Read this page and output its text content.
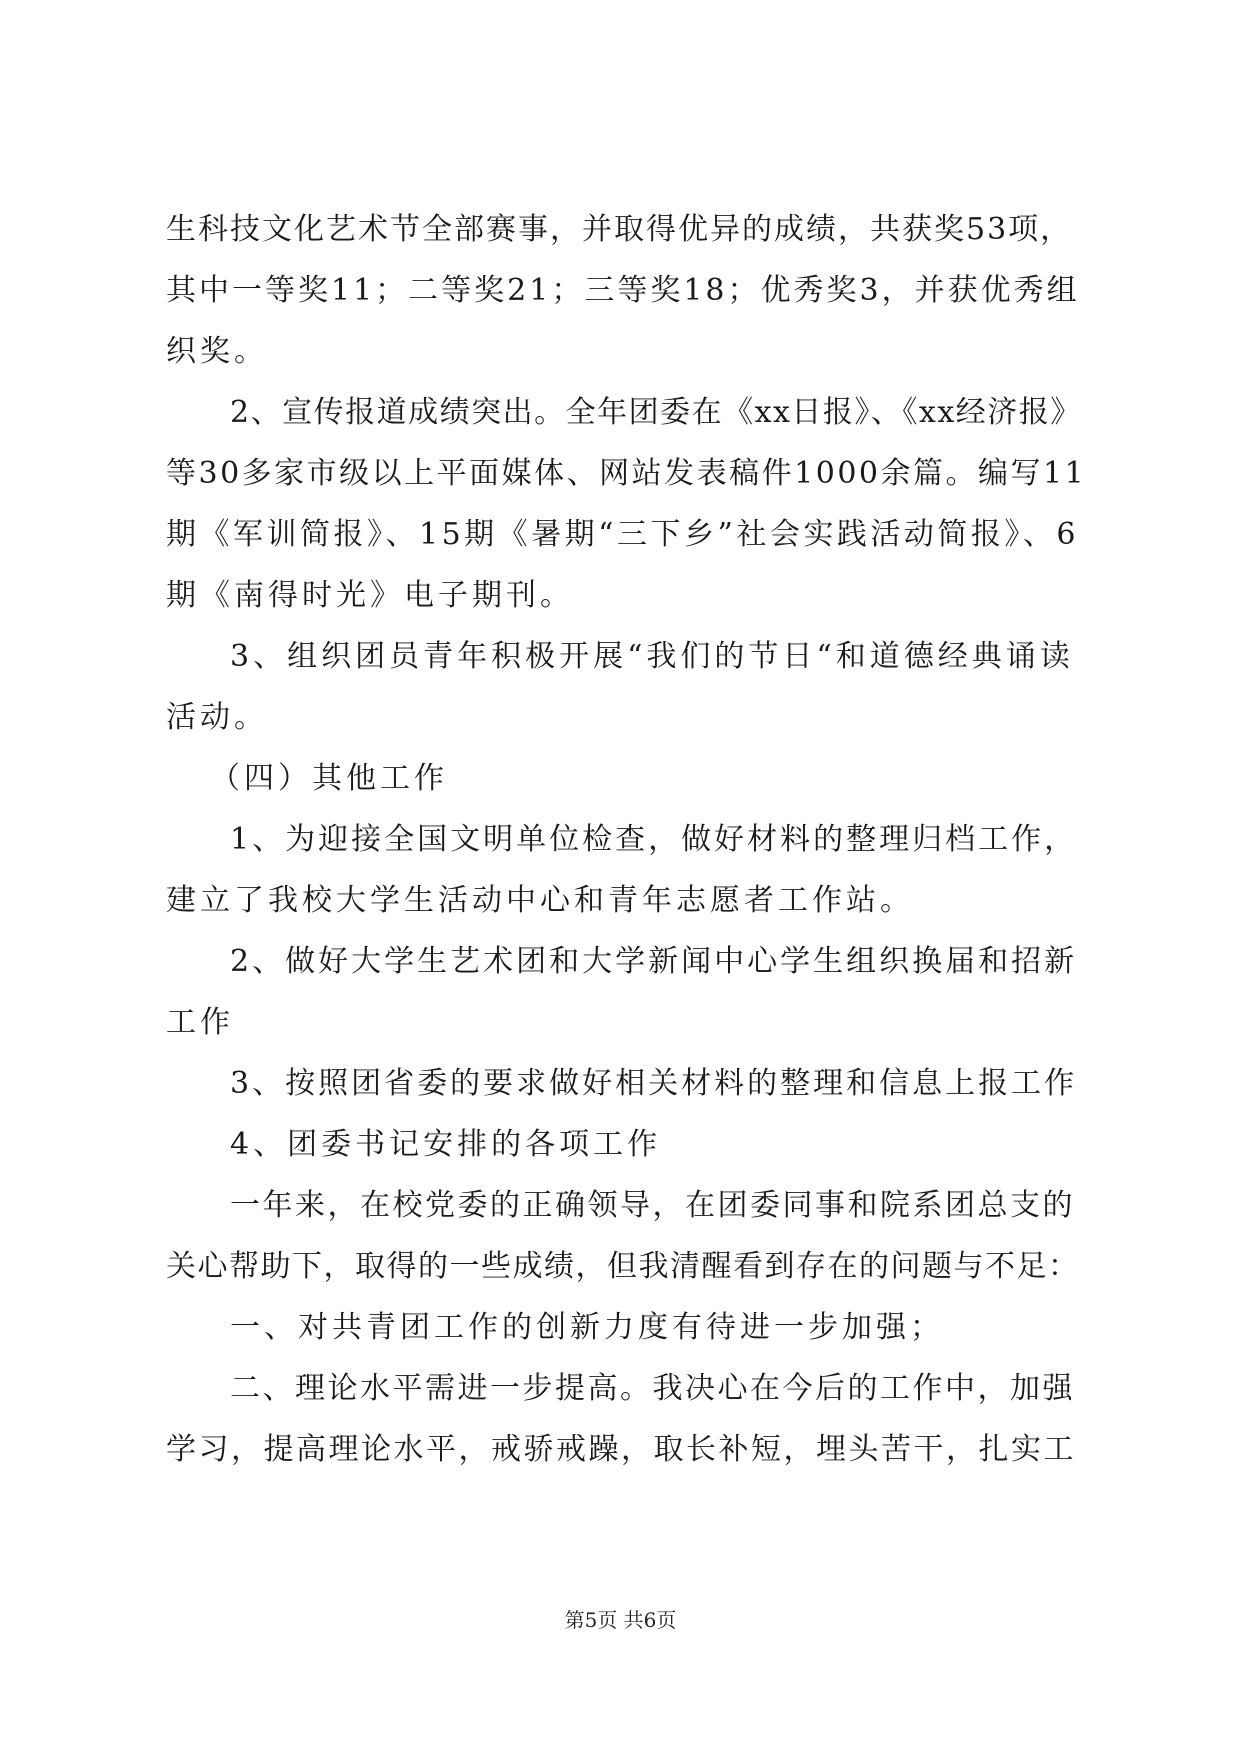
生科技文化艺术节全部赛事，并取得优异的成绩，共获奖53项，
其中一等奖11；二等奖21；三等奖18；优秀奖3，并获优秀组
织奖。
2、宣传报道成绩突出。全年团委在《xx日报》、《xx经济报》
等30多家市级以上平面媒体、网站发表稿件1000余篇。编写11
期《军训简报》、15期《暑期“三下乡”社会实践活动简报》、6
期《南得时光》电子期刊。
3、组织团员青年积极开展“我们的节日“和道德经典诵读
活动。
（四）其他工作
1、为迎接全国文明单位检查，做好材料的整理归档工作，
建立了我校大学生活动中心和青年志愿者工作站。
2、做好大学生艺术团和大学新闻中心学生组织换届和招新
工作
3、按照团省委的要求做好相关材料的整理和信息上报工作
4、团委书记安排的各项工作
一年来，在校党委的正确领导，在团委同事和院系团总支的
关心帮助下，取得的一些成绩，但我清醒看到存在的问题与不足：
一、对共青团工作的创新力度有待进一步加强；
二、理论水平需进一步提高。我决心在今后的工作中，加强
学习，提高理论水平，戒骄戒躁，取长补短，埋头苦干，扎实工
第5页 共6页
